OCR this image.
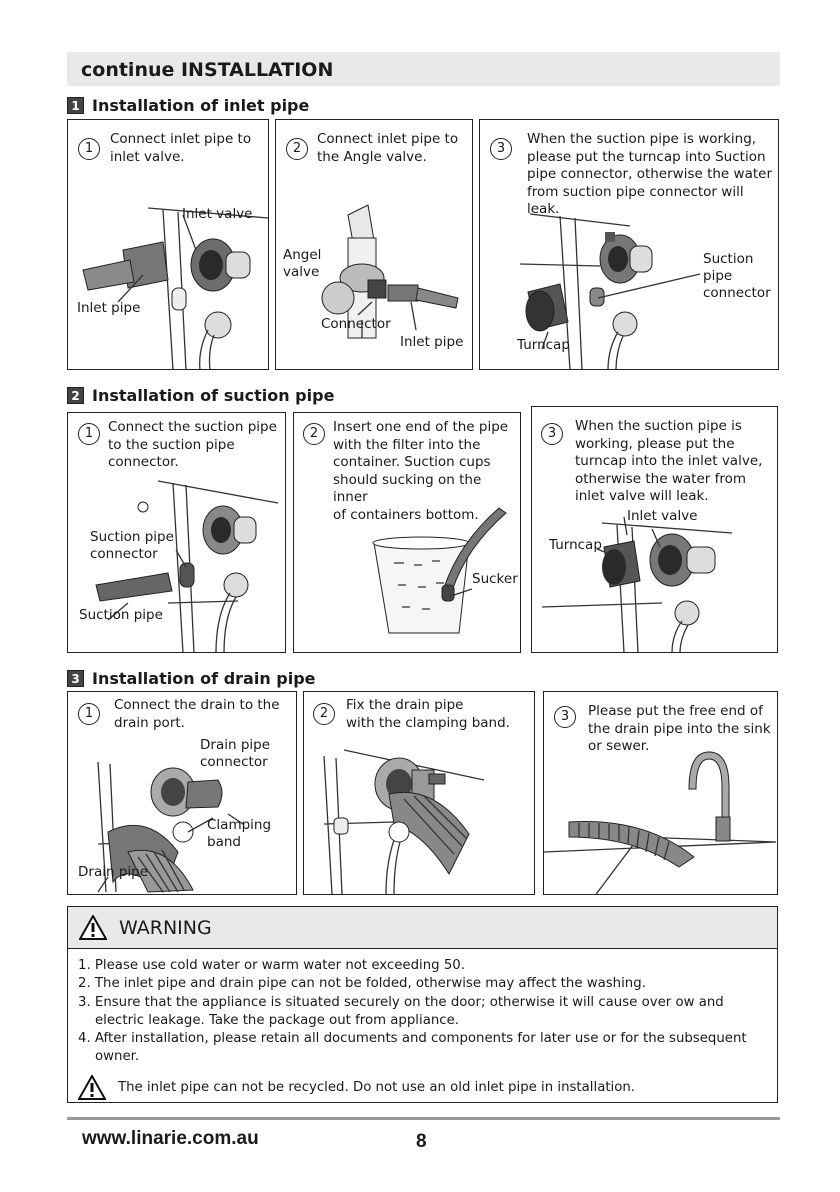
continue INSTALLATION
1 Installation of inlet pipe
1
Connect inlet pipe to
inlet valve.
Inlet valve
Inlet pipe
2
Connect inlet pipe to
the Angle valve.
Angel
valve
Connector
Inlet pipe
3
When the suction pipe is working,
please put the turncap into Suction
pipe connector, otherwise the water
from suction pipe connector will leak.
Suction
pipe
connector
Turncap
2 Installation of suction pipe
1	Connect the suction pipe
to the suction pipe
connector.
Suction pipe
connector
Suction pipe
2	Insert one end of the pipe
with the filter into the
container. Suction cups
should sucking on the inner
of containers bottom.
Sucker
3	When the suction pipe is
working, please put the
turncap into the inlet valve,
otherwise the water from
inlet valve will leak.
Inlet valve
Turncap
3 Installation of drain pipe
1
Connect the drain to the
drain port.
Drain pipe
connector
Clamping
band
Drain pipe
2
Fix the drain pipe
with the clamping band.	3	Please put the free end of
the drain pipe into the sink
or sewer.
WARNING
1. Please use cold water or warm water not exceeding 50.
2. The inlet pipe and drain pipe can not be folded, otherwise may affect the washing.
3. Ensure that the appliance is situated securely on the door; otherwise it will cause over ow and electric leakage. Take the package out from appliance.
4. After installation, please retain all documents and components for later use or for the subsequent owner.
The inlet pipe can not be recycled. Do not use an old inlet pipe in installation.
www.linarie.com.au	8
